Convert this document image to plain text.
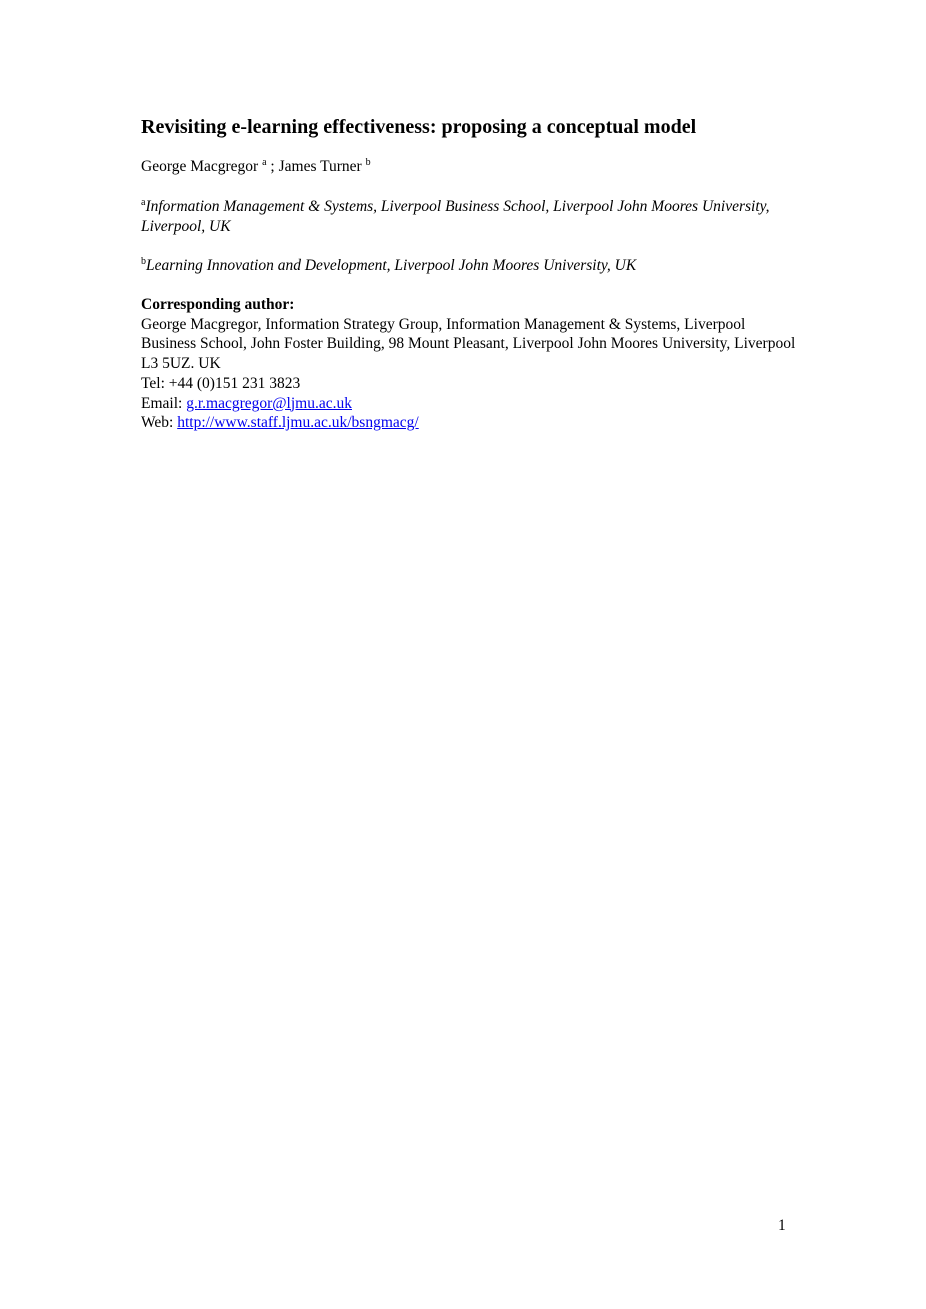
Revisiting e-learning effectiveness: proposing a conceptual model
George Macgregor $^a$ ; James Turner $^b$
$^a$Information Management & Systems, Liverpool Business School, Liverpool John Moores University, Liverpool, UK
$^b$Learning Innovation and Development, Liverpool John Moores University, UK
Corresponding author:
George Macgregor, Information Strategy Group, Information Management & Systems, Liverpool Business School, John Foster Building, 98 Mount Pleasant, Liverpool John Moores University, Liverpool L3 5UZ. UK
Tel: +44 (0)151 231 3823
Email: g.r.macgregor@ljmu.ac.uk
Web: http://www.staff.ljmu.ac.uk/bsngmacg/
1
